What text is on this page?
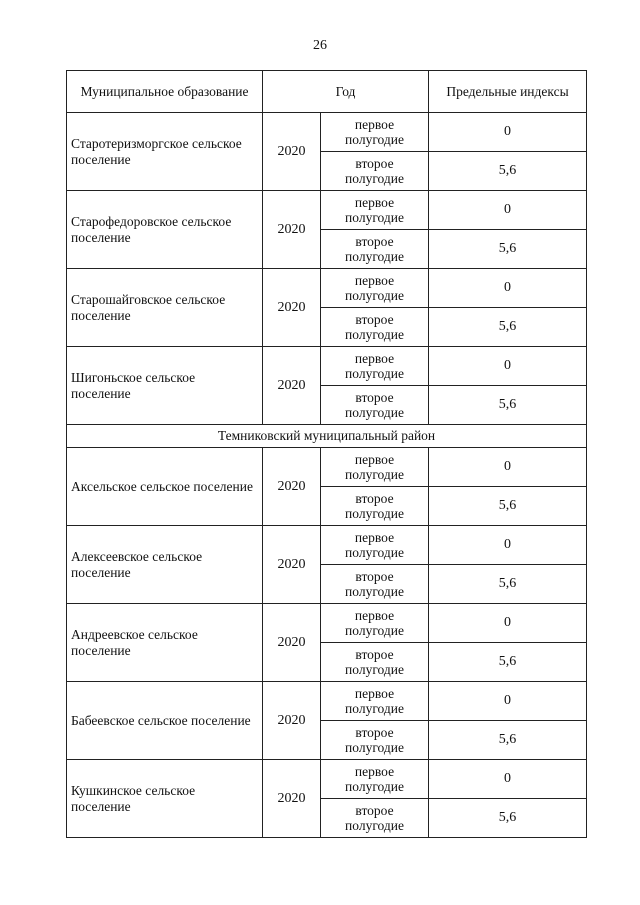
26
Муниципальное образование	Год		Предельные индексы
Старотеризморгское сельское поселение	2020	первое полугодие	0
		второе полугодие	5,6
Старофедоровское сельское поселение	2020	первое полугодие	0
		второе полугодие	5,6
Старошайговское сельское поселение	2020	первое полугодие	0
		второе полугодие	5,6
Шигоньское сельское поселение	2020	первое полугодие	0
		второе полугодие	5,6
Темниковский муниципальный район			
Аксельское сельское поселение	2020	первое полугодие	0
		второе полугодие	5,6
Алексеевское сельское поселение	2020	первое полугодие	0
		второе полугодие	5,6
Андреевское сельское поселение	2020	первое полугодие	0
		второе полугодие	5,6
Бабеевское сельское поселение	2020	первое полугодие	0
		второе полугодие	5,6
Кушкинское сельское поселение	2020	первое полугодие	0
		второе полугодие	5,6
